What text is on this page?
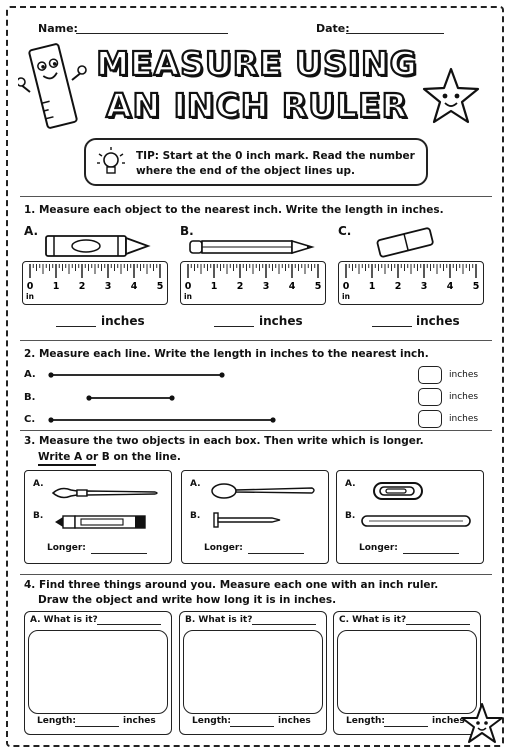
Name:	Date:
MEASURE USING
AN INCH RULER
TIP: Start at the 0 inch mark. Read the number where the end of the object lines up.
1. Measure each object to the nearest inch. Write the length in inches.
A.	B.	C.
0 1 2 3 4 5
in
0 1 2 3 4 5
in
0 1 2 3 4 5
in
inches	inches	inches
2. Measure each line. Write the length in inches to the nearest inch.
A.
B.
C.
inches
inches
inches
3. Measure the two objects in each box. Then write which is longer.
Write A or B on the line.
A.
B.
Longer:
A.
B.
Longer:
A.
B.
Longer:
4. Find three things around you. Measure each one with an inch ruler.
Draw the object and write how long it is in inches.
A. What is it?
Length:	inches
B. What is it?
Length:	inches
C. What is it?
Length:	inches
